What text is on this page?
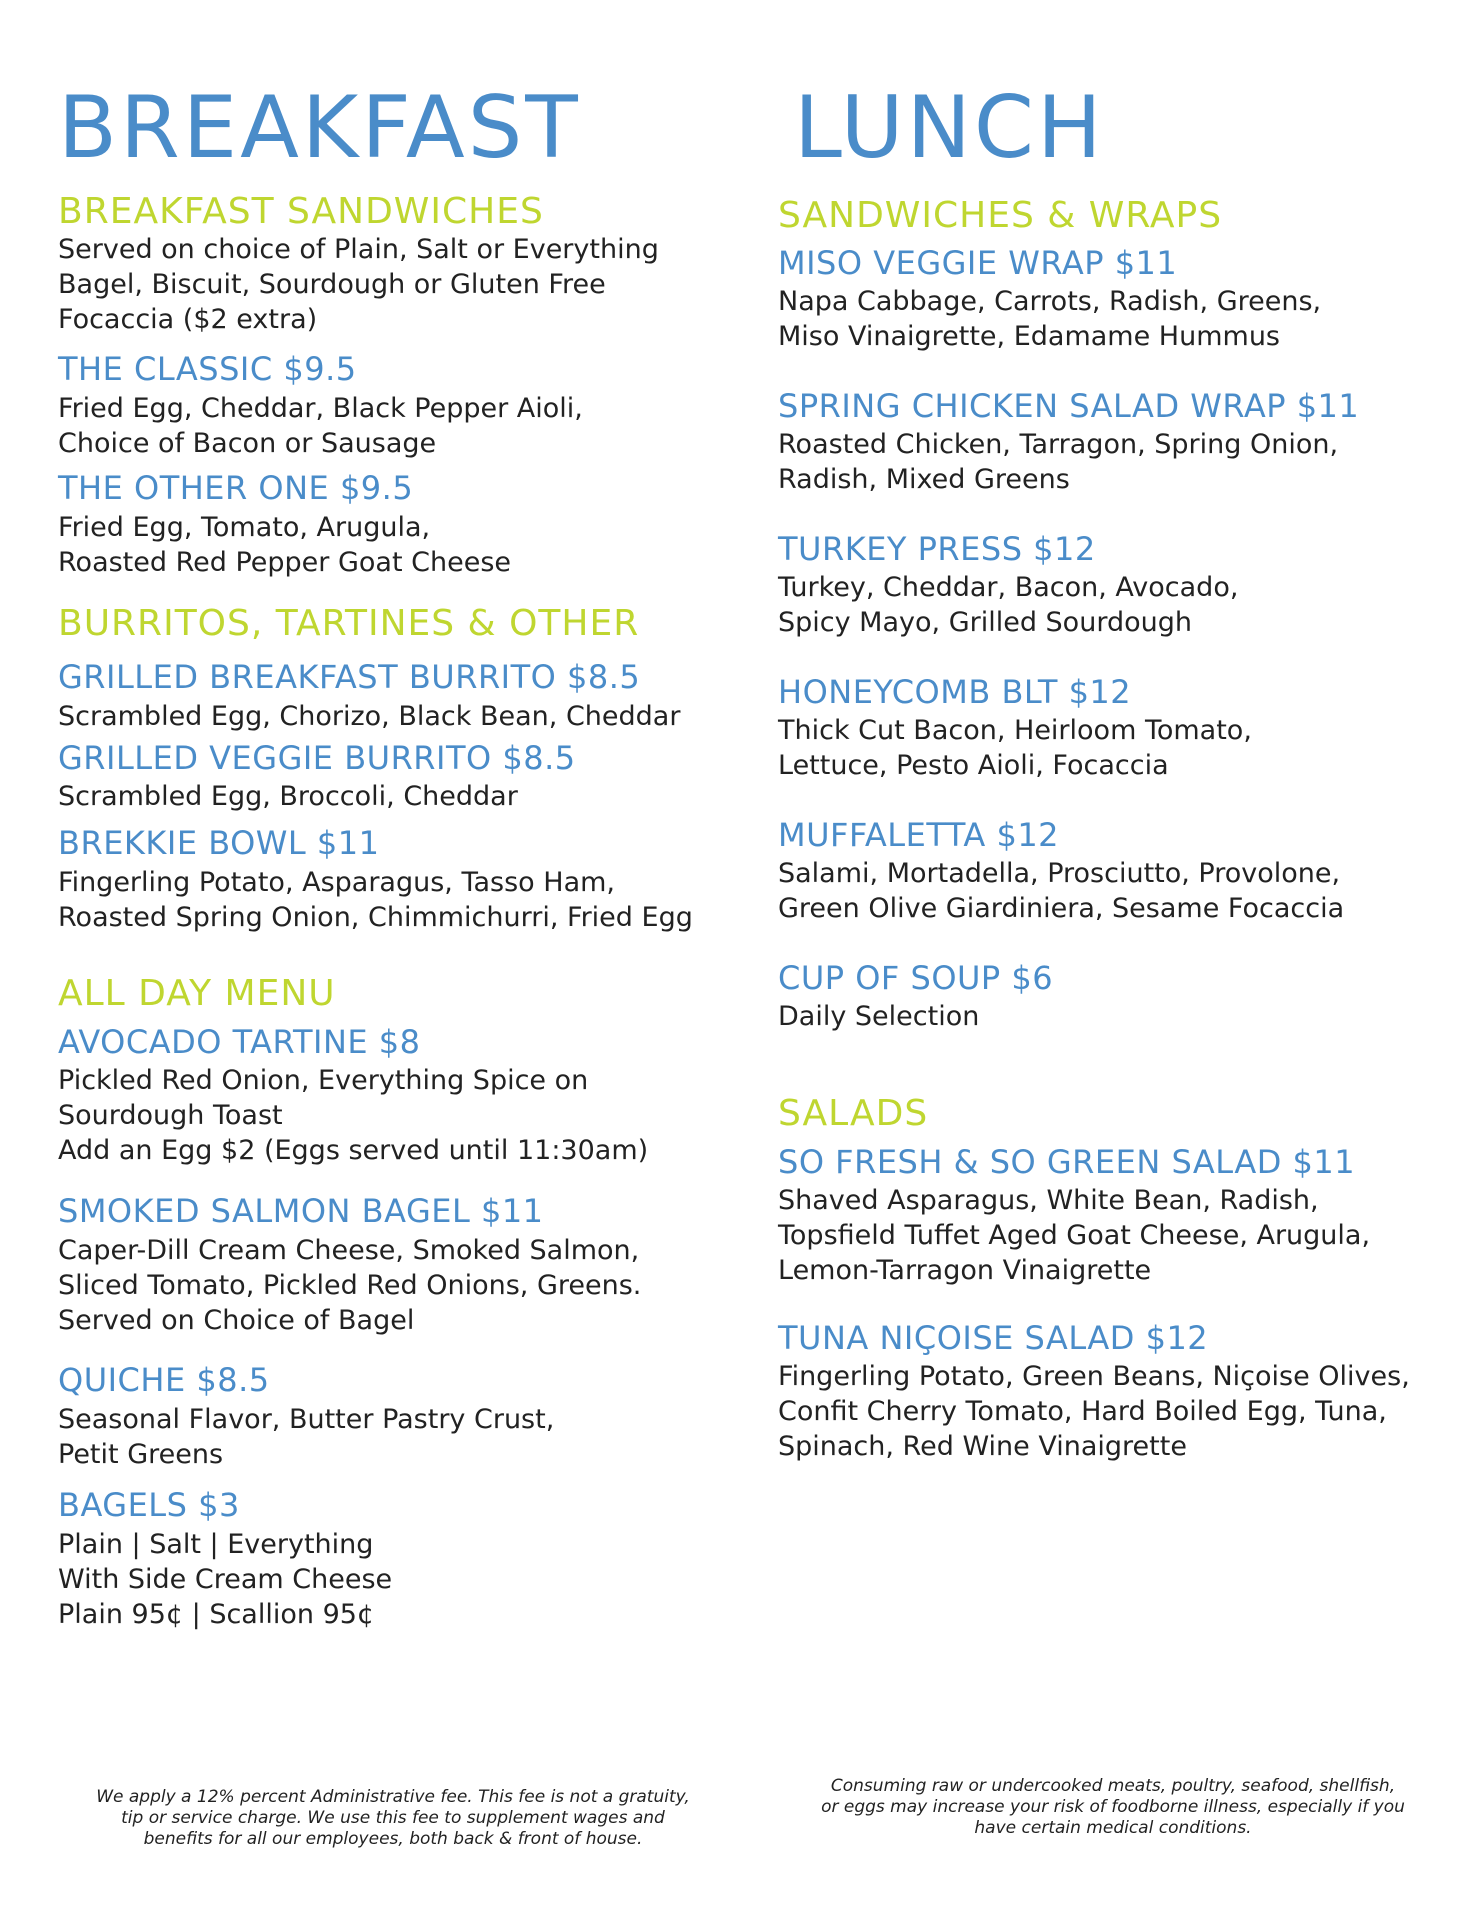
BREAKFAST
BREAKFAST SANDWICHES
Served on choice of Plain, Salt or Everything
Bagel, Biscuit, Sourdough or Gluten Free
Focaccia ($2 extra)
THE CLASSIC $9.5
Fried Egg, Cheddar, Black Pepper Aioli,
Choice of Bacon or Sausage
THE OTHER ONE $9.5
Fried Egg, Tomato, Arugula,
Roasted Red Pepper Goat Cheese
BURRITOS, TARTINES & OTHER
GRILLED BREAKFAST BURRITO $8.5
Scrambled Egg, Chorizo, Black Bean, Cheddar
GRILLED VEGGIE BURRITO $8.5
Scrambled Egg, Broccoli, Cheddar
BREKKIE BOWL $11
Fingerling Potato, Asparagus, Tasso Ham,
Roasted Spring Onion, Chimmichurri, Fried Egg
ALL DAY MENU
AVOCADO TARTINE $8
Pickled Red Onion, Everything Spice on
Sourdough Toast
Add an Egg $2 (Eggs served until 11:30am)
SMOKED SALMON BAGEL $11
Caper-Dill Cream Cheese, Smoked Salmon,
Sliced Tomato, Pickled Red Onions, Greens.
Served on Choice of Bagel
QUICHE $8.5
Seasonal Flavor, Butter Pastry Crust,
Petit Greens
BAGELS $3
Plain | Salt | Everything
With Side Cream Cheese
Plain 95¢ | Scallion 95¢
LUNCH
SANDWICHES & WRAPS
MISO VEGGIE WRAP $11
Napa Cabbage, Carrots, Radish, Greens,
Miso Vinaigrette, Edamame Hummus
SPRING CHICKEN SALAD WRAP $11
Roasted Chicken, Tarragon, Spring Onion,
Radish, Mixed Greens
TURKEY PRESS $12
Turkey, Cheddar, Bacon, Avocado,
Spicy Mayo, Grilled Sourdough
HONEYCOMB BLT $12
Thick Cut Bacon, Heirloom Tomato,
Lettuce, Pesto Aioli, Focaccia
MUFFALETTA $12
Salami, Mortadella, Prosciutto, Provolone,
Green Olive Giardiniera, Sesame Focaccia
CUP OF SOUP $6
Daily Selection
SALADS
SO FRESH & SO GREEN SALAD $11
Shaved Asparagus, White Bean, Radish,
Topsfield Tuffet Aged Goat Cheese, Arugula,
Lemon-Tarragon Vinaigrette
TUNA NIÇOISE SALAD $12
Fingerling Potato, Green Beans, Niçoise Olives,
Confit Cherry Tomato, Hard Boiled Egg, Tuna,
Spinach, Red Wine Vinaigrette
We apply a 12% percent Administrative fee. This fee is not a gratuity,
tip or service charge. We use this fee to supplement wages and
benefits for all our employees, both back & front of house.
Consuming raw or undercooked meats, poultry, seafood, shellfish,
or eggs may increase your risk of foodborne illness, especially if you
have certain medical conditions.
